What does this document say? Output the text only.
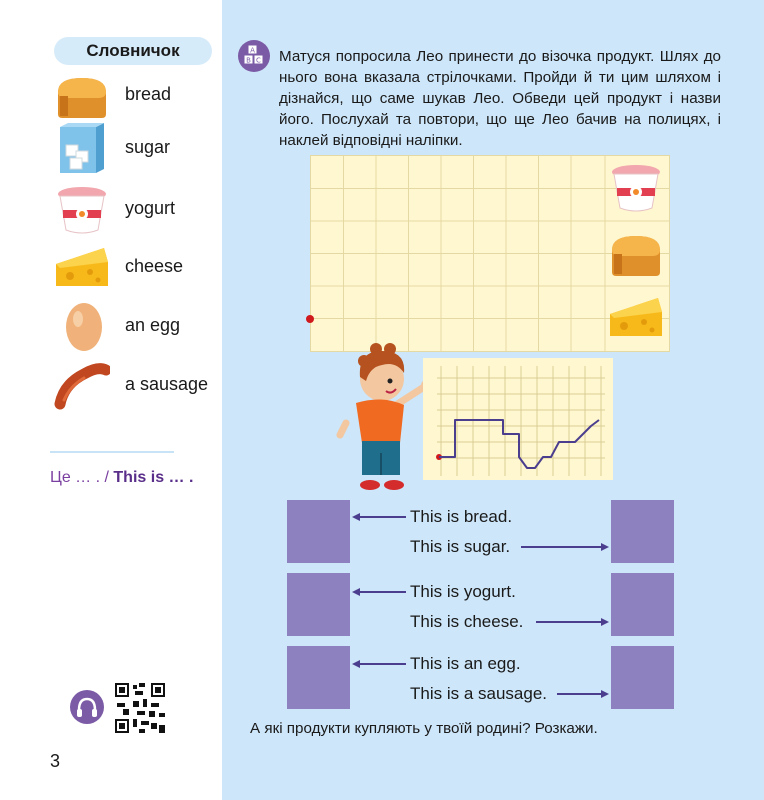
Словничок
bread
sugar
yogurt
cheese
an egg
a sausage
Це … . / This is … .
3
A
B C Матуся попросила Лео принести до візочка продукт. Шлях до нього вона вказала стрілочками. Пройди й ти цим шляхом і дізнайся, що саме шукав Лео. Обведи цей продукт і назви його. Послухай та повтори, що ще Лео бачив на полицях, і наклей відповідні наліпки.
This is bread.
This is sugar.
This is yogurt.
This is cheese.
This is an egg.
This is a sausage.
А які продукти купляють у твоїй родині? Розкажи.
